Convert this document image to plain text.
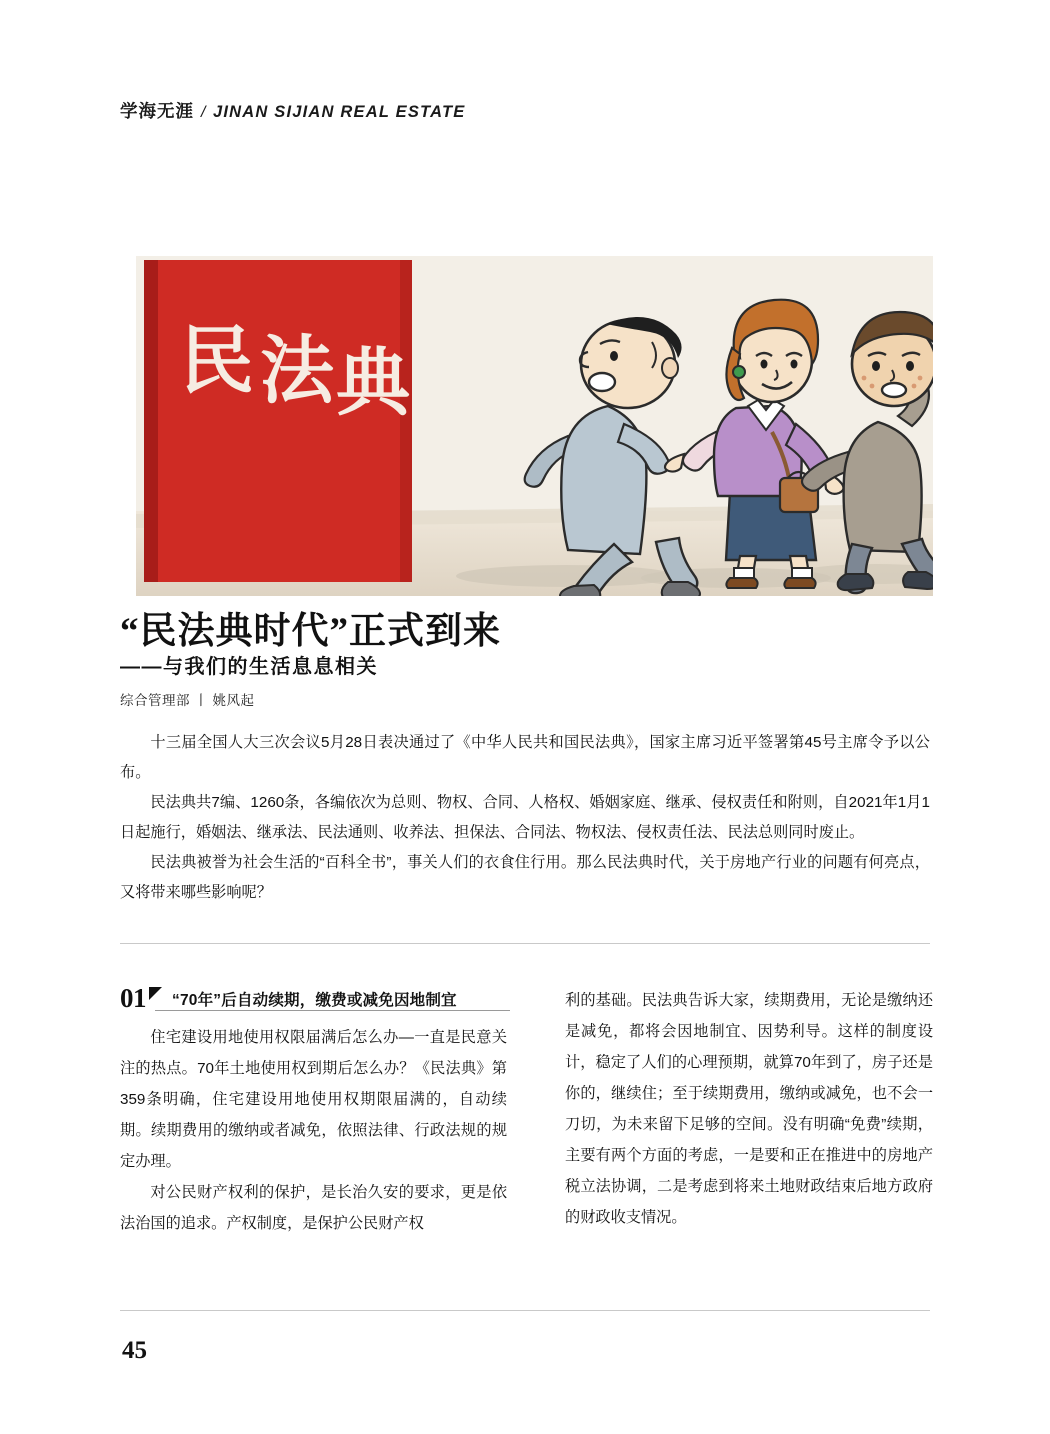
学海无涯 / JINAN SIJIAN REAL ESTATE
民 法 典
“民法典时代”正式到来
——与我们的生活息息相关
综合管理部 丨 姚风起

十三届全国人大三次会议5月28日表决通过了《中华人民共和国民法典》，国家主席习近平签署第45号主席令予以公布。

民法典共7编、1260条，各编依次为总则、物权、合同、人格权、婚姻家庭、继承、侵权责任和附则，自2021年1月1日起施行，婚姻法、继承法、民法通则、收养法、担保法、合同法、物权法、侵权责任法、民法总则同时废止。

民法典被誉为社会生活的“百科全书”，事关人们的衣食住行用。那么民法典时代，关于房地产行业的问题有何亮点，又将带来哪些影响呢？

01 “70年”后自动续期，缴费或减免因地制宜

住宅建设用地使用权限届满后怎么办—一直是民意关注的热点。70年土地使用权到期后怎么办？《民法典》第359条明确，住宅建设用地使用权期限届满的，自动续期。续期费用的缴纳或者减免，依照法律、行政法规的规定办理。

对公民财产权利的保护，是长治久安的要求，更是依法治国的追求。产权制度，是保护公民财产权

利的基础。民法典告诉大家，续期费用，无论是缴纳还是减免，都将会因地制宜、因势利导。这样的制度设计，稳定了人们的心理预期，就算70年到了，房子还是你的，继续住；至于续期费用，缴纳或减免，也不会一刀切，为未来留下足够的空间。没有明确“免费”续期，主要有两个方面的考虑，一是要和正在推进中的房地产税立法协调，二是考虑到将来土地财政结束后地方政府的财政收支情况。

45
